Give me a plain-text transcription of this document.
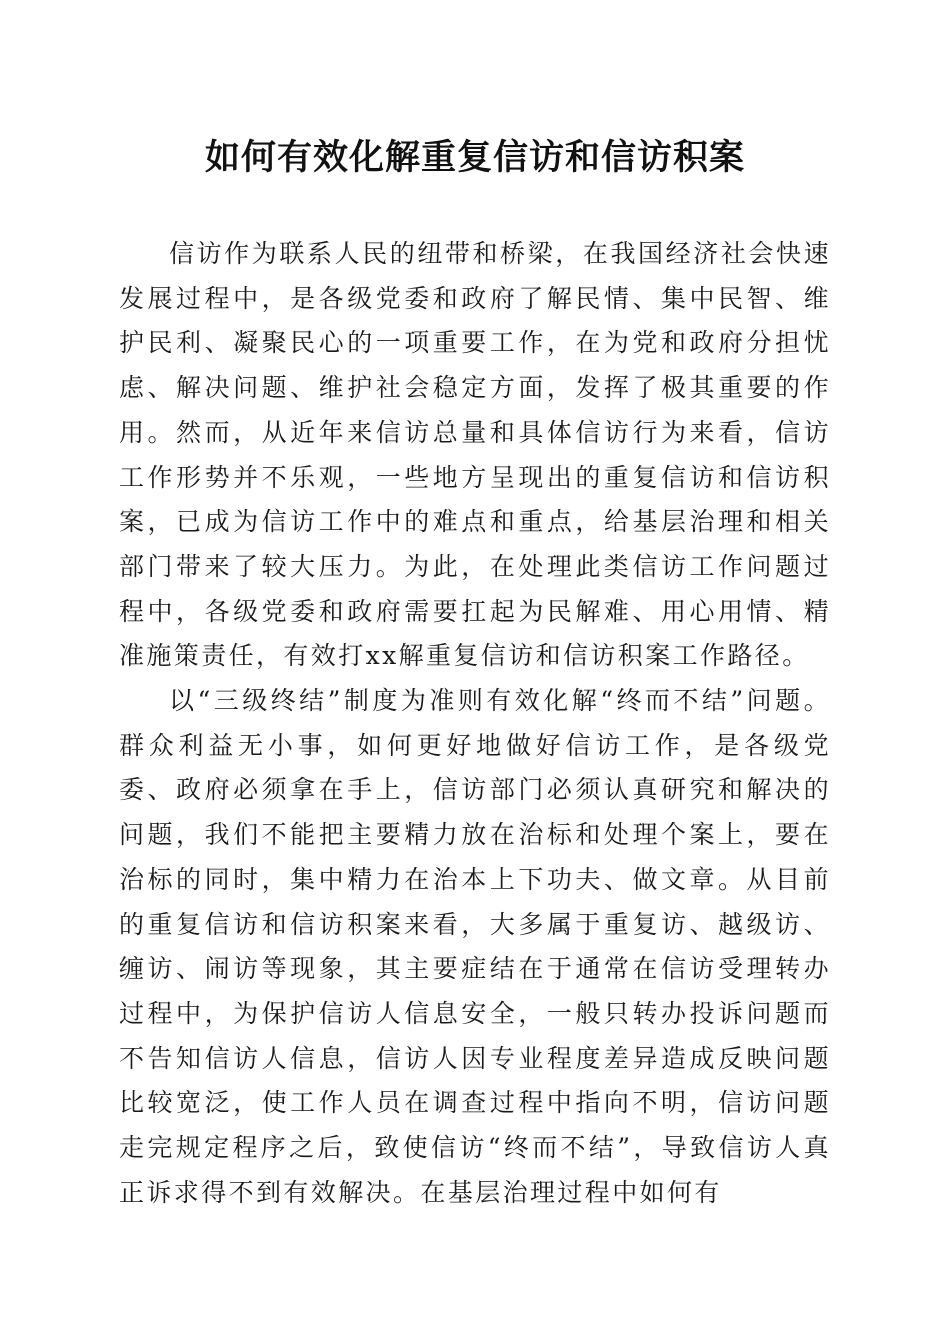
如何有效化解重复信访和信访积案

信访作为联系人民的纽带和桥梁，在我国经济社会快速发展过程中，是各级党委和政府了解民情、集中民智、维护民利、凝聚民心的一项重要工作，在为党和政府分担忧虑、解决问题、维护社会稳定方面，发挥了极其重要的作用。然而，从近年来信访总量和具体信访行为来看，信访工作形势并不乐观，一些地方呈现出的重复信访和信访积案，已成为信访工作中的难点和重点，给基层治理和相关部门带来了较大压力。为此，在处理此类信访工作问题过程中，各级党委和政府需要扛起为民解难、用心用情、精准施策责任，有效打xx解重复信访和信访积案工作路径。

以“三级终结”制度为准则有效化解“终而不结”问题。群众利益无小事，如何更好地做好信访工作，是各级党委、政府必须拿在手上，信访部门必须认真研究和解决的问题，我们不能把主要精力放在治标和处理个案上，要在治标的同时，集中精力在治本上下功夫、做文章。从目前的重复信访和信访积案来看，大多属于重复访、越级访、缠访、闹访等现象，其主要症结在于通常在信访受理转办过程中，为保护信访人信息安全，一般只转办投诉问题而不告知信访人信息，信访人因专业程度差异造成反映问题比较宽泛，使工作人员在调查过程中指向不明，信访问题走完规定程序之后，致使信访“终而不结”，导致信访人真正诉求得不到有效解决。在基层治理过程中如何有
